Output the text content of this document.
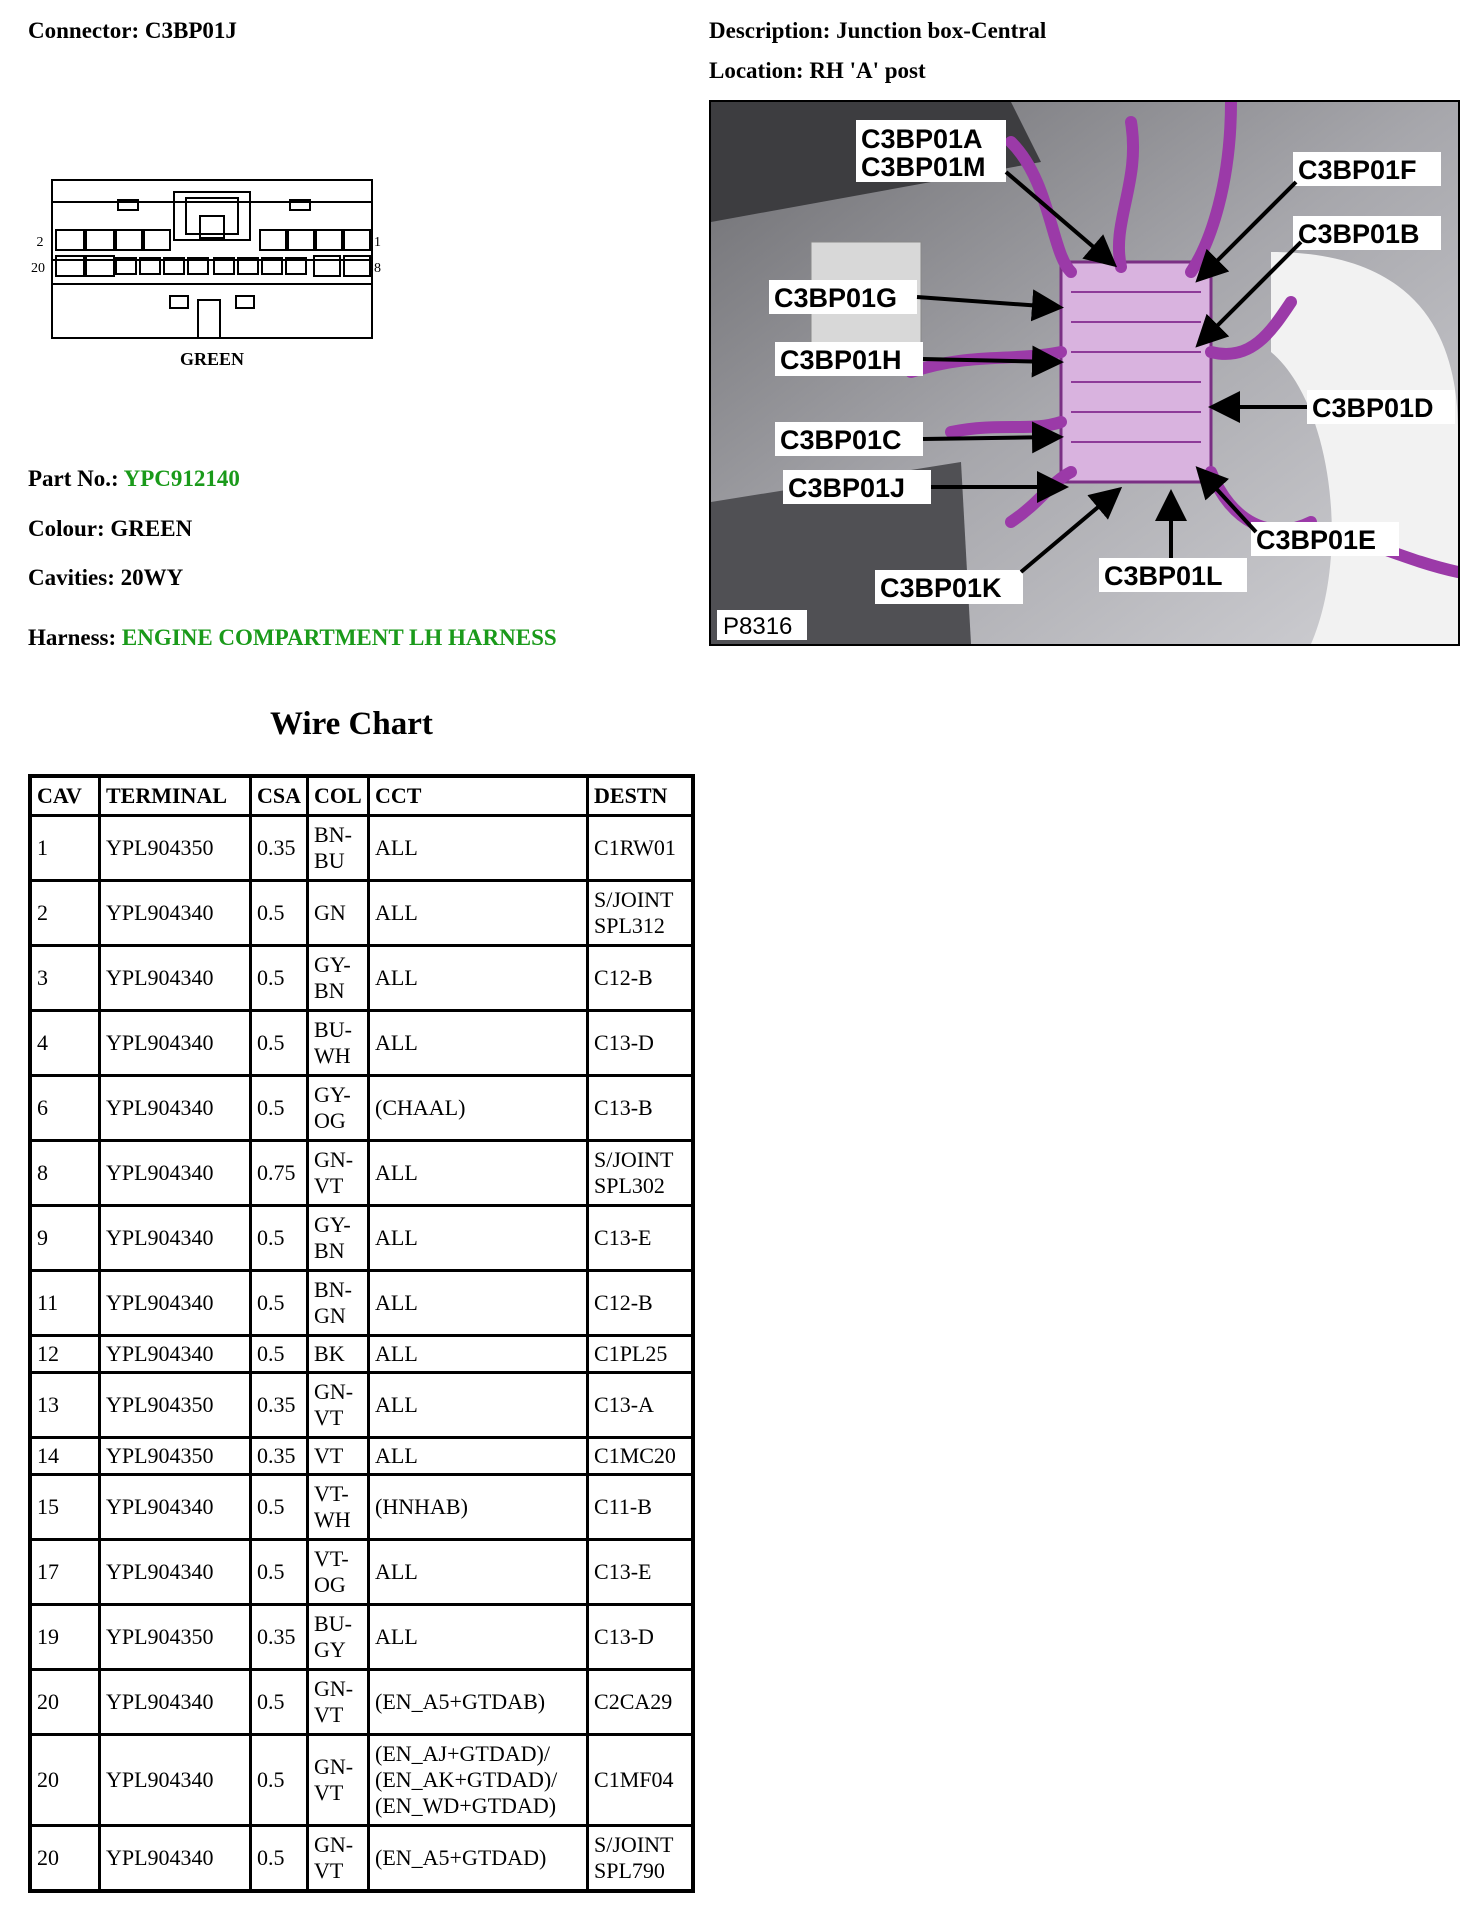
Connector: C3BP01J	Description: Junction box-Central
Location: RH 'A' post
2
20
1
8
GREEN
Part No.: YPC912140
Colour: GREEN
Cavities: 20WY
Harness: ENGINE COMPARTMENT LH HARNESS
C3BP01A
C3BP01M	C3BP01F
C3BP01B
C3BP01G
C3BP01H
C3BP01D
C3BP01C
C3BP01J
C3BP01E
C3BP01L
C3BP01K
P8316
Wire Chart
CAV	TERMINAL	CSA	COL	CCT	DESTN
1	YPL904350	0.35	BN-BU	ALL	C1RW01
2	YPL904340	0.5	GN	ALL	S/JOINT SPL312
3	YPL904340	0.5	GY-BN	ALL	C12-B
4	YPL904340	0.5	BU-WH	ALL	C13-D
6	YPL904340	0.5	GY-OG	(CHAAL)	C13-B
8	YPL904340	0.75	GN-VT	ALL	S/JOINT SPL302
9	YPL904340	0.5	GY-BN	ALL	C13-E
11	YPL904340	0.5	BN-GN	ALL	C12-B
12	YPL904340	0.5	BK	ALL	C1PL25
13	YPL904350	0.35	GN-VT	ALL	C13-A
14	YPL904350	0.35	VT	ALL	C1MC20
15	YPL904340	0.5	VT-WH	(HNHAB)	C11-B
17	YPL904340	0.5	VT-OG	ALL	C13-E
19	YPL904350	0.35	BU-GY	ALL	C13-D
20	YPL904340	0.5	GN-VT	(EN_A5+GTDAB)	C2CA29
20	YPL904340	0.5	GN-VT	(EN_AJ+GTDAD)/ (EN_AK+GTDAD)/ (EN_WD+GTDAD)	C1MF04
20	YPL904340	0.5	GN-VT	(EN_A5+GTDAD)	S/JOINT SPL790
